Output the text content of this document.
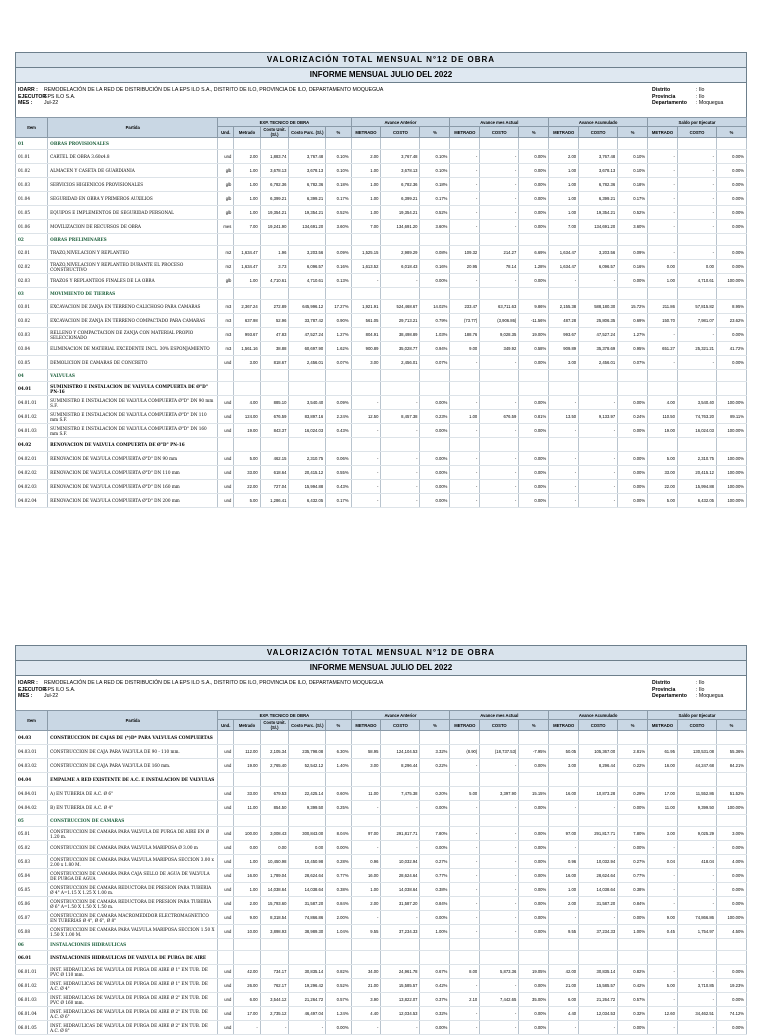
VALORIZACIÓN TOTAL MENSUAL N°12 DE OBRA
INFORME MENSUAL JULIO DEL 2022
IOARR :	REMODELACIÓN DE LA RED DE DISTRIBUCIÓN DE LA EPS ILO S.A., DISTRITO DE ILO, PROVINCIA DE ILO, DEPARTAMENTO MOQUEGUA
EJECUTOR
EPS ILO S.A.
MES :	Jul-22
Distrito	: Ilo
Provincia	: Ilo
Departamento	: Moquegua
Item	Partida	EXP. TECNICO DE OBRA					Avance Anterior			Avance mes Actual			Avance Acumulado			Saldo por Ejecutar		
		Und.	Metrado	Costo Unit. (S/.)	Costo Parc. (S/.)	%	METRADO	COSTO	%	METRADO	COSTO	%	METRADO	COSTO	%	METRADO	COSTO	%
01	OBRAS PROVISIONALES																	
01.01	CARTEL DE OBRA 3.60x4.8	und	2.00	1,883.74	3,767.48	0.10%	2.00	3,767.48	0.10%	-	-	0.00%	2.00	3,767.48	0.10%	-	-	0.00%
01.02	ALMACEN Y CASETA DE GUARDIANIA	glb	1.00	3,678.13	3,678.13	0.10%	1.00	3,678.13	0.10%	-	-	0.00%	1.00	3,678.13	0.10%	-	-	0.00%
01.03	SERVICIOS HIGIENICOS PROVISIONALES	glb	1.00	6,782.36	6,782.36	0.18%	1.00	6,782.36	0.18%	-	-	0.00%	1.00	6,782.36	0.18%	-	-	0.00%
01.04	SEGURIDAD EN OBRA Y PRIMEROS AUXILIOS	glb	1.00	6,399.21	6,399.21	0.17%	1.00	6,399.21	0.17%	-	-	0.00%	1.00	6,399.21	0.17%	-	-	0.00%
01.05	EQUIPOS E IMPLEMENTOS DE SEGURIDAD PERSONAL	glb	1.00	19,354.21	19,354.21	0.52%	1.00	19,354.21	0.52%	-	-	0.00%	1.00	19,354.21	0.52%	-	-	0.00%
01.06	MOVILIZACION DE RECURSOS DE OBRA	mes	7.00	19,241.90	134,691.20	3.60%	7.00	134,691.20	3.60%	-	-	0.00%	7.00	134,691.20	3.60%	-	-	0.00%
02	OBRAS PRELIMINARES																	
02.01	TRAZO,NIVELACION Y REPLANTEO	m2	1,634.47	1.96	3,203.56	0.09%	1,525.15	2,989.29	0.08%	109.32	214.27	6.69%	1,634.47	3,203.56	0.09%	-	-	0.00%
02.02	TRAZO,NIVELACION Y REPLANTEO DURANTE EL PROCESO CONSTRUCTIVO	m2	1,634.47	3.73	6,096.57	0.16%	1,613.52	6,018.43	0.16%	20.95	78.14	1.28%	1,634.47	6,096.57	0.16%	0.00	0.00	0.00%
02.03	TRAZOS Y REPLANTEOS FINALES DE LA OBRA	glb	1.00	4,710.61	4,710.61	0.13%	-	-	0.00%	-	-	0.00%	-	-	0.00%	1.00	4,710.61	100.00%
03	MOVIMIENTO DE TIERRAS																	
03.01	EXCAVACION DE ZANJA EN TERRENO CALICHOSO PARA CAMARAS	m3	2,367.24	272.89	645,996.12	17.27%	1,921.91	524,468.67	14.02%	233.47	63,711.63	9.86%	2,155.38	588,180.30	15.72%	211.86	57,815.82	8.95%
03.02	EXCAVACION DE ZANJA EN TERRENO COMPACTADO PARA CAMARAS	m3	637.98	52.96	33,787.42	0.90%	561.05	29,713.21	0.79%	(73.77)	(3,906.86)	-11.56%	487.28	25,806.35	0.69%	150.70	7,981.07	23.62%
03.03	RELLENO Y COMPACTACION DE ZANJA CON MATERIAL PROPIO SELECCIONADO	m3	993.67	47.83	47,527.24	1.27%	804.91	38,498.89	1.03%	188.76	9,028.35	19.00%	993.67	47,527.24	1.27%	-	-	0.00%
03.04	ELIMINACION DE MATERIAL EXCEDENTE INCL. 30% ESPONJAMIENTO	m3	1,561.16	38.88	60,697.90	1.62%	900.89	35,028.77	0.94%	9.00	349.92	0.58%	909.89	35,378.69	0.95%	651.27	25,321.21	41.72%
03.05	DEMOLICION DE CAMARAS DE CONCRETO	und	3.00	818.67	2,456.01	0.07%	3.00	2,456.01	0.07%	-	-	0.00%	3.00	2,456.01	0.07%	-	-	0.00%
04	VALVULAS																	
04.01	SUMINISTRO E INSTALACION DE VALVULA COMPUERTA DE Ø"D" PN-16																	
04.01.01	SUMINISTRO E INSTALACION DE VALVULA COMPUERTA Ø"D" DN 90 mm S.F.	und	4.00	885.10	3,540.40	0.09%	-	-	0.00%	-	-	0.00%	-	-	0.00%	4.00	3,540.40	100.00%
04.01.02	SUMINISTRO E INSTALACION DE VALVULA COMPUERTA Ø"D" DN 110 mm S.F.	und	124.00	676.59	83,897.16	2.24%	12.50	8,457.38	0.23%	1.00	676.59	0.81%	13.50	9,133.97	0.24%	110.50	74,763.20	89.11%
04.01.03	SUMINISTRO E INSTALACION DE VALVULA COMPUERTA Ø"D" DN 160 mm S.F.	und	19.00	843.37	16,024.03	0.43%	-	-	0.00%	-	-	0.00%	-	-	0.00%	19.00	16,024.03	100.00%
04.02	RENOVACION DE VALVULA COMPUERTA DE Ø"D" PN-16																	
04.02.01	RENOVACION DE VALVULA COMPUERTA Ø"D" DN 90 mm	und	5.00	462.15	2,310.75	0.06%	-	-	0.00%	-	-	0.00%	-	-	0.00%	5.00	2,310.75	100.00%
04.02.02	RENOVACION DE VALVULA COMPUERTA Ø"D" DN 110 mm	und	33.00	618.64	20,415.12	0.55%	-	-	0.00%	-	-	0.00%	-	-	0.00%	33.00	20,415.12	100.00%
04.02.03	RENOVACION DE VALVULA COMPUERTA Ø"D" DN 160 mm	und	22.00	727.04	15,994.88	0.43%	-	-	0.00%	-	-	0.00%	-	-	0.00%	22.00	15,994.88	100.00%
04.02.04	RENOVACION DE VALVULA COMPUERTA Ø"D" DN 200 mm	und	5.00	1,286.41	6,432.05	0.17%	-	-	0.00%	-	-	0.00%	-	-	0.00%	5.00	6,432.05	100.00%
VALORIZACIÓN TOTAL MENSUAL N°12 DE OBRA
INFORME MENSUAL JULIO DEL 2022
IOARR :	REMODELACIÓN DE LA RED DE DISTRIBUCIÓN DE LA EPS ILO S.A., DISTRITO DE ILO, PROVINCIA DE ILO, DEPARTAMENTO MOQUEGUA
EJECUTOR
EPS ILO S.A.
MES :	Jul-22
Distrito	: Ilo
Provincia	: Ilo
Departamento	: Moquegua
Item	Partida	EXP. TECNICO DE OBRA					Avance Anterior			Avance mes Actual			Avance Acumulado			Saldo por Ejecutar		
		Und.	Metrado	Costo Unit. (S/.)	Costo Parc. (S/.)	%	METRADO	COSTO	%	METRADO	COSTO	%	METRADO	COSTO	%	METRADO	COSTO	%
04.03	CONSTRUCCION DE CAJAS DE (*)D* PARA VALVULAS COMPUERTAS																	
04.03.01	CONSTRUCCION DE CAJA PARA VALVULA DE 90 - 110 mm.	und	112.00	2,105.34	235,798.08	6.30%	58.95	124,104.53	3.32%	(8.90)	(18,737.53)	-7.95%	50.05	105,367.00	2.81%	61.95	130,531.08	55.36%
04.03.02	CONSTRUCCION DE CAJA PARA VALVULA DE 160 mm.	und	19.00	2,765.40	52,542.12	1.40%	3.00	8,296.44	0.22%	-	-	0.00%	3.00	8,296.44	0.22%	16.00	44,247.68	84.21%
04.04	EMPALME A RED EXISTENTE DE A.C. E INSTALACION DE VALVULAS																	
04.04.01	A) EN TUBERIA DE A.C. Ø 6"	und	33.00	679.53	22,425.14	0.60%	11.00	7,475.38	0.20%	5.00	3,397.90	15.15%	16.00	10,873.28	0.29%	17.00	11,552.86	51.52%
04.04.02	B) EN TUBERIA DE A.C. Ø 4"	und	11.00	854.50	9,399.50	0.25%	-	-	0.00%	-	-	0.00%	-	-	0.00%	11.00	9,399.50	100.00%
05	CONSTRUCCION DE CAMARAS																	
05.01	CONSTRUCCION DE CAMARA PARA VALVULA DE PURGA DE AIRE EN Ø 1.20 m.	und	100.00	3,008.43	300,843.00	8.04%	97.00	291,817.71	7.80%	-	-	0.00%	97.00	291,817.71	7.80%	3.00	9,025.29	3.00%
05.02	CONSTRUCCION DE CAMARA PARA VALVULA MARIPOSA Ø 3.00 m	und	0.00	0.00	0.00	0.00%	-	-	0.00%	-	-	0.00%	-	-	0.00%	-	-	0.00%
05.03	CONSTRUCCION DE CAMARA PARA VALVULA MARIPOSA SECCION 3.00 x 2.00 x 1.80 M.	und	1.00	10,450.98	10,450.98	0.28%	0.96	10,032.94	0.27%	-	-	0.00%	0.96	10,032.94	0.27%	0.04	418.04	4.00%
05.04	CONSTRUCCION DE CAMARA PARA CAJA SELLO DE AGUA DE VALVULA DE PURGA DE AGUA	und	16.00	1,789.04	28,624.64	0.77%	16.00	28,624.64	0.77%	-	-	0.00%	16.00	28,624.64	0.77%	-	-	0.00%
05.05	CONSTRUCCION DE CAMARA REDUCTORA DE PRESION PARA TUBERIA Ø 4" A=1.15 X 1.25 X 1.00 m.	und	1.00	14,038.64	14,038.64	0.38%	1.00	14,038.64	0.38%	-	-	0.00%	1.00	14,038.64	0.38%	-	-	0.00%
05.06	CONSTRUCCION DE CAMARA REDUCTORA DE PRESION PARA TUBERIA Ø 6" A=1.50 X 1.50 X 1.50 m.	und	2.00	15,793.60	31,587.20	0.84%	2.00	31,587.20	0.84%	-	-	0.00%	2.00	31,587.20	0.84%	-	-	0.00%
05.07	CONSTRUCCION DE CAMARA MACROMEDIDOR ELECTROMAGNETICO EN TUBERIAS Ø 4", Ø 6", Ø 8"	und	9.00	8,318.54	74,866.86	2.00%	-	-	0.00%	-	-	0.00%	-	-	0.00%	9.00	74,866.86	100.00%
05.08	CONSTRUCCION DE CAMARA PARA VALVULA MARIPOSA SECCION 1.50 X 1.50 X 1.00 M.	und	10.00	3,898.93	38,989.30	1.04%	9.55	37,234.33	1.00%	-	-	0.00%	9.55	37,234.33	1.00%	0.45	1,754.97	4.50%
06	INSTALACIONES HIDRAULICAS																	
06.01	INSTALACIONES HIDRAULICAS DE VALVULA DE PURGA DE AIRE																	
06.01.01	INST. HIDRAULICAS DE VALVULA DE PURGA DE AIRE Ø 1" EN TUB. DE PVC Ø 110 mm.	und	42.00	734.17	30,835.14	0.82%	34.00	24,961.78	0.67%	8.00	5,873.36	19.05%	42.00	30,835.14	0.82%	-	-	0.00%
06.01.02	INST. HIDRAULICAS DE VALVULA DE PURGA DE AIRE Ø 1" EN TUB. DE A.C. Ø 4"	und	26.00	762.17	19,296.42	0.52%	21.00	15,585.57	0.42%	-	-	0.00%	21.00	15,585.57	0.42%	5.00	3,710.85	19.23%
06.01.03	INST. HIDRAULICAS DE VALVULA DE PURGA DE AIRE Ø 2" EN TUB. DE PVC Ø 160 mm.	und	6.00	3,544.12	21,264.72	0.57%	3.90	13,822.07	0.37%	2.10	7,442.65	35.00%	6.00	21,264.72	0.57%	-	-	0.00%
06.01.04	INST. HIDRAULICAS DE VALVULA DE PURGA DE AIRE Ø 2" EN TUB. DE A.C. Ø 6"	und	17.00	2,735.12	46,497.04	1.24%	4.40	12,034.53	0.32%	-	-	0.00%	4.40	12,034.53	0.32%	12.60	34,462.51	74.12%
06.01.05	INST. HIDRAULICAS DE VALVULA DE PURGA DE AIRE Ø 2" EN TUB. DE A.C. Ø 8"	und	-	-	-	0.00%	-	-	0.00%	-	-	0.00%	-	-	0.00%	-	-	0.00%
